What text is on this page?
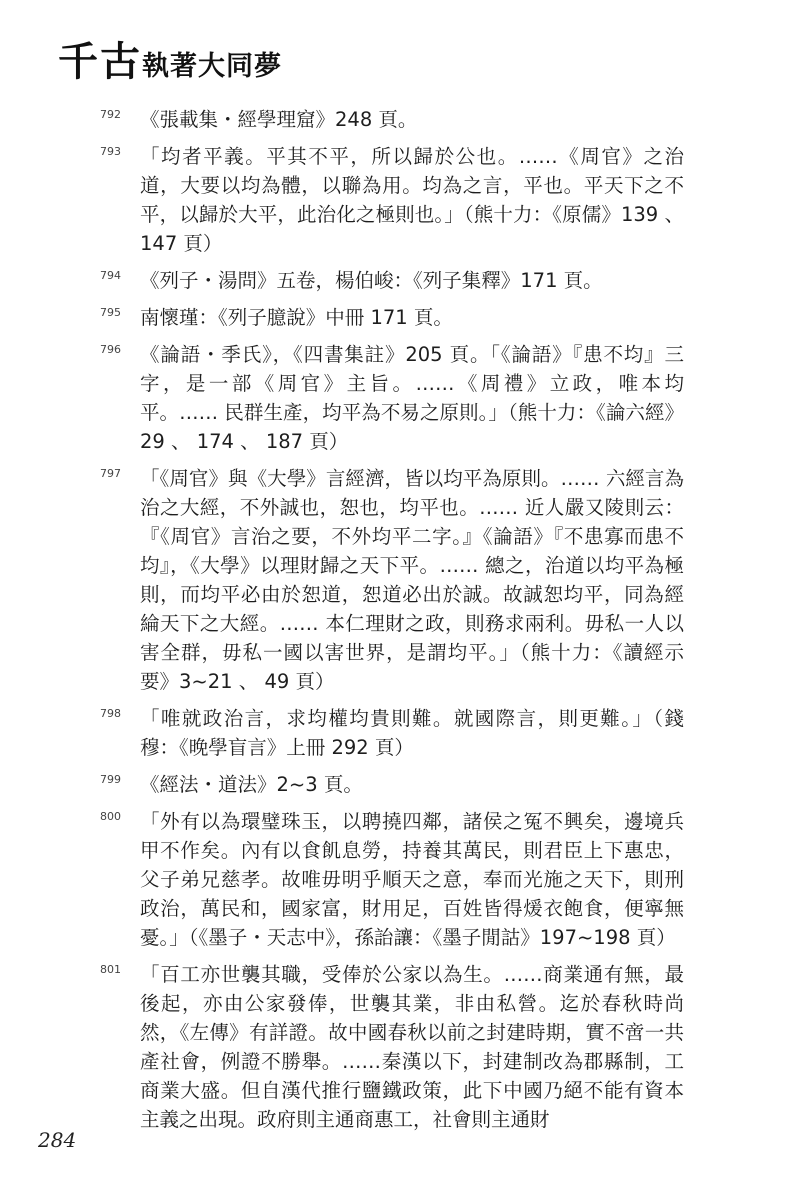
千古執著大同夢
792 《張載集・經學理窟》248 頁。
793 「均者平義。平其不平，所以歸於公也。……《周官》之治道，大要以均為體，以聯為用。均為之言，平也。平天下之不平，以歸於大平，此治化之極則也。」（熊十力：《原儒》139 、 147 頁）
794 《列子・湯問》五卷，楊伯峻：《列子集釋》171 頁。
795 南懷瑾：《列子臆說》中冊 171 頁。
796 《論語・季氏》，《四書集註》205 頁。「《論語》『患不均』三字，是一部《周官》主旨。……《周禮》立政，唯本均平。…… 民群生產，均平為不易之原則。」（熊十力：《論六經》29 、 174 、 187 頁）
797 「《周官》與《大學》言經濟，皆以均平為原則。…… 六經言為治之大經，不外誠也，恕也，均平也。…… 近人嚴又陵則云：『《周官》言治之要，不外均平二字。』《論語》『不患寡而患不均』，《大學》以理財歸之天下平。…… 總之，治道以均平為極則，而均平必由於恕道，恕道必出於誠。故誠恕均平，同為經綸天下之大經。…… 本仁理財之政，則務求兩利。毋私一人以害全群，毋私一國以害世界，是謂均平。」（熊十力：《讀經示要》3~21 、 49 頁）
798 「唯就政治言，求均權均貴則難。就國際言，則更難。」（錢穆：《晚學盲言》上冊 292 頁）
799 《經法・道法》2~3 頁。
800 「外有以為環璧珠玉，以聘撓四鄰，諸侯之冤不興矣，邊境兵甲不作矣。內有以食飢息勞，持養其萬民，則君臣上下惠忠，父子弟兄慈孝。故唯毋明乎順天之意，奉而光施之天下，則刑政治，萬民和，國家富，財用足，百姓皆得煖衣飽食，便寧無憂。」（《墨子・天志中》，孫詒讓：《墨子閒詁》197~198 頁）
801 「百工亦世襲其職，受俸於公家以為生。……商業通有無，最後起，亦由公家發俸，世襲其業，非由私營。迄於春秋時尚然，《左傳》有詳證。故中國春秋以前之封建時期，實不啻一共產社會，例證不勝舉。……秦漢以下，封建制改為郡縣制，工商業大盛。但自漢代推行鹽鐵政策，此下中國乃絕不能有資本主義之出現。政府則主通商惠工，社會則主通財
284
